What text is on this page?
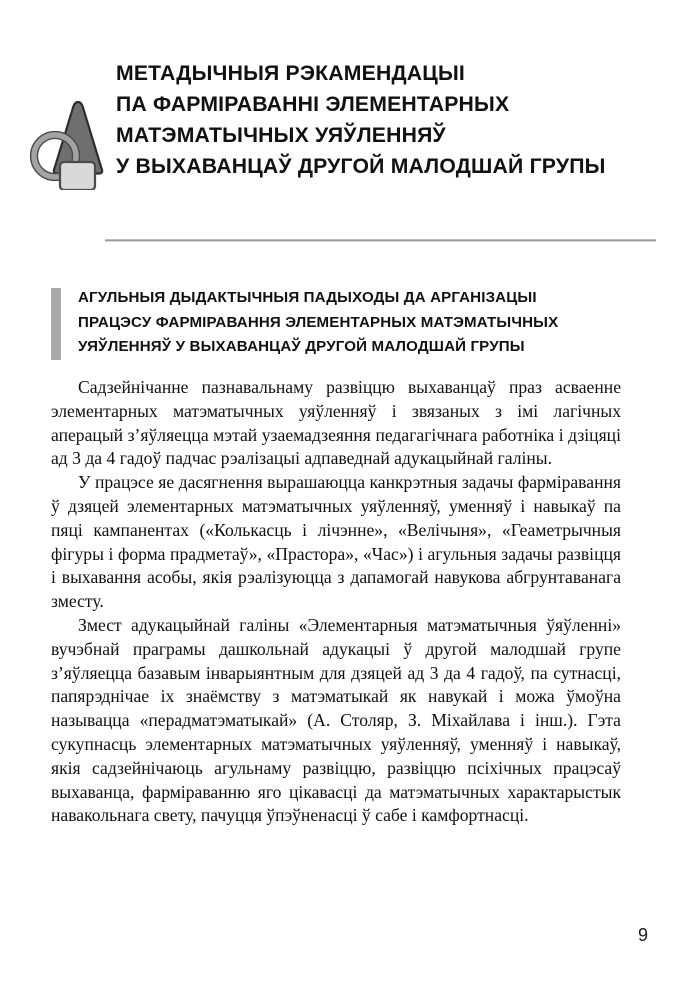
МЕТАДЫЧНЫЯ РЭКАМЕНДАЦЫІ
ПА ФАРМІРАВАННІ ЭЛЕМЕНТАРНЫХ
МАТЭМАТЫЧНЫХ УЯЎЛЕННЯЎ
У ВЫХАВАНЦАЎ ДРУГОЙ МАЛОДШАЙ ГРУПЫ
АГУЛЬНЫЯ ДЫДАКТЫЧНЫЯ ПАДЫХОДЫ ДА АРГАНІЗАЦЫІ
ПРАЦЭСУ ФАРМІРАВАННЯ ЭЛЕМЕНТАРНЫХ МАТЭМАТЫЧНЫХ
УЯЎЛЕННЯЎ У ВЫХАВАНЦАЎ ДРУГОЙ МАЛОДШАЙ ГРУПЫ

Садзейнічанне пазнавальнаму развіццю выхаванцаў праз асваенне элементарных матэматычных уяўленняў і звязаных з імі лагічных аперацый з’яўляецца мэтай узаемадзеяння педагагічнага работніка і дзіцяці ад 3 да 4 гадоў падчас рэалізацыі адпаведнай адукацыйнай галіны.

У працэсе яе дасягнення вырашаюцца канкрэтныя задачы фарміравання ў дзяцей элементарных матэматычных уяўленняў, уменняў і навыкаў па пяці кампанентах («Колькасць і лічэнне», «Велічыня», «Геаметрычныя фігуры і форма прадметаў», «Прастора», «Час») і агульныя задачы развіцця і выхавання асобы, якія рэалізуюцца з дапамогай навукова абгрунтаванага зместу.

Змест адукацыйнай галіны «Элементарныя матэматычныя ўяўленні» вучэбнай праграмы дашкольнай адукацыі ў другой малодшай групе з’яўляецца базавым інварыянтным для дзяцей ад 3 да 4 гадоў, па сутнасці, папярэднічае іх знаёмству з матэматыкай як навукай і можа ўмоўна называцца «перадматэматыкай» (А. Столяр, З. Міхайлава і інш.). Гэта сукупнасць элементарных матэматычных уяўленняў, уменняў і навыкаў, якія садзейнічаюць агульнаму развіццю, развіццю псіхічных працэсаў выхаванца, фарміраванню яго цікавасці да матэматычных характарыстык навакольнага свету, пачуцця ўпэўненасці ў сабе і камфортнасці.

9
